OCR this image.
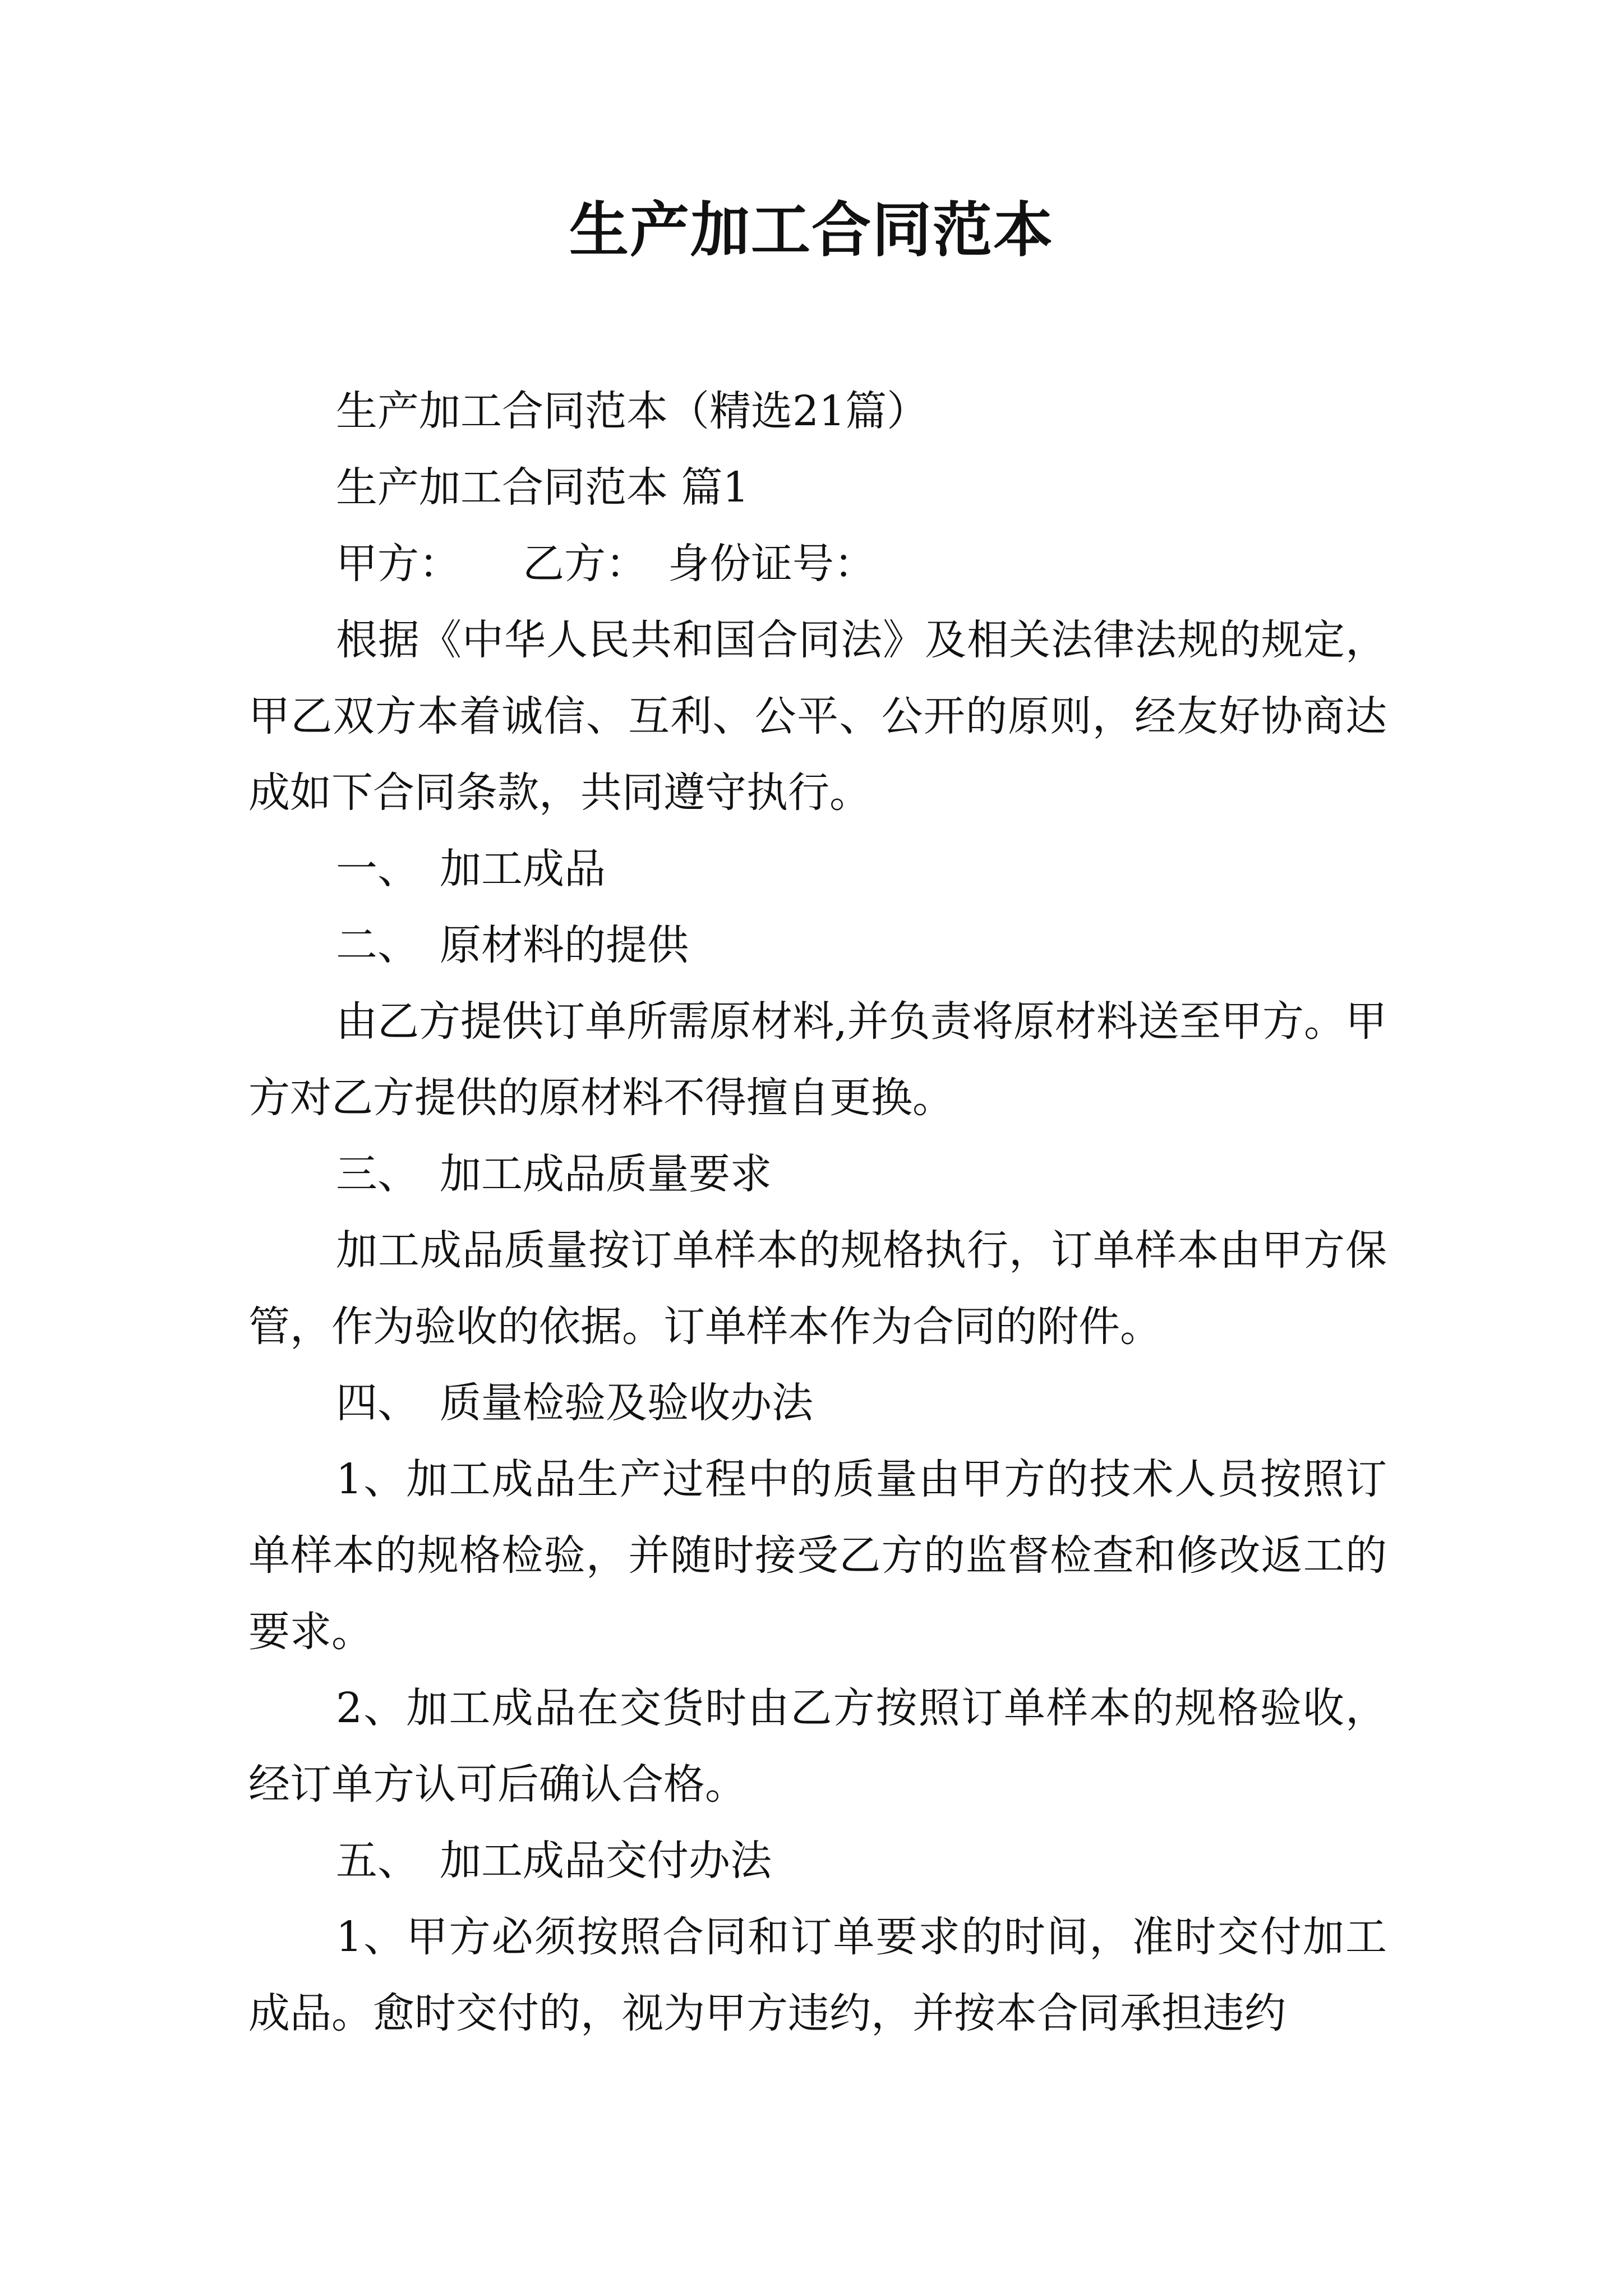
生产加工合同范本

生产加工合同范本（精选21篇）

生产加工合同范本 篇1

甲方：　　乙方：　身份证号：

根据《中华人民共和国合同法》及相关法律法规的规定，甲乙双方本着诚信、互利、公平、公开的原则，经友好协商达成如下合同条款，共同遵守执行。

一、　加工成品

二、　原材料的提供

由乙方提供订单所需原材料,并负责将原材料送至甲方。甲方对乙方提供的原材料不得擅自更换。

三、　加工成品质量要求

加工成品质量按订单样本的规格执行，订单样本由甲方保管，作为验收的依据。订单样本作为合同的附件。

四、　质量检验及验收办法

1、加工成品生产过程中的质量由甲方的技术人员按照订单样本的规格检验，并随时接受乙方的监督检查和修改返工的要求。

2、加工成品在交货时由乙方按照订单样本的规格验收，经订单方认可后确认合格。

五、　加工成品交付办法

1、甲方必须按照合同和订单要求的时间，准时交付加工成品。愈时交付的，视为甲方违约，并按本合同承担违约
